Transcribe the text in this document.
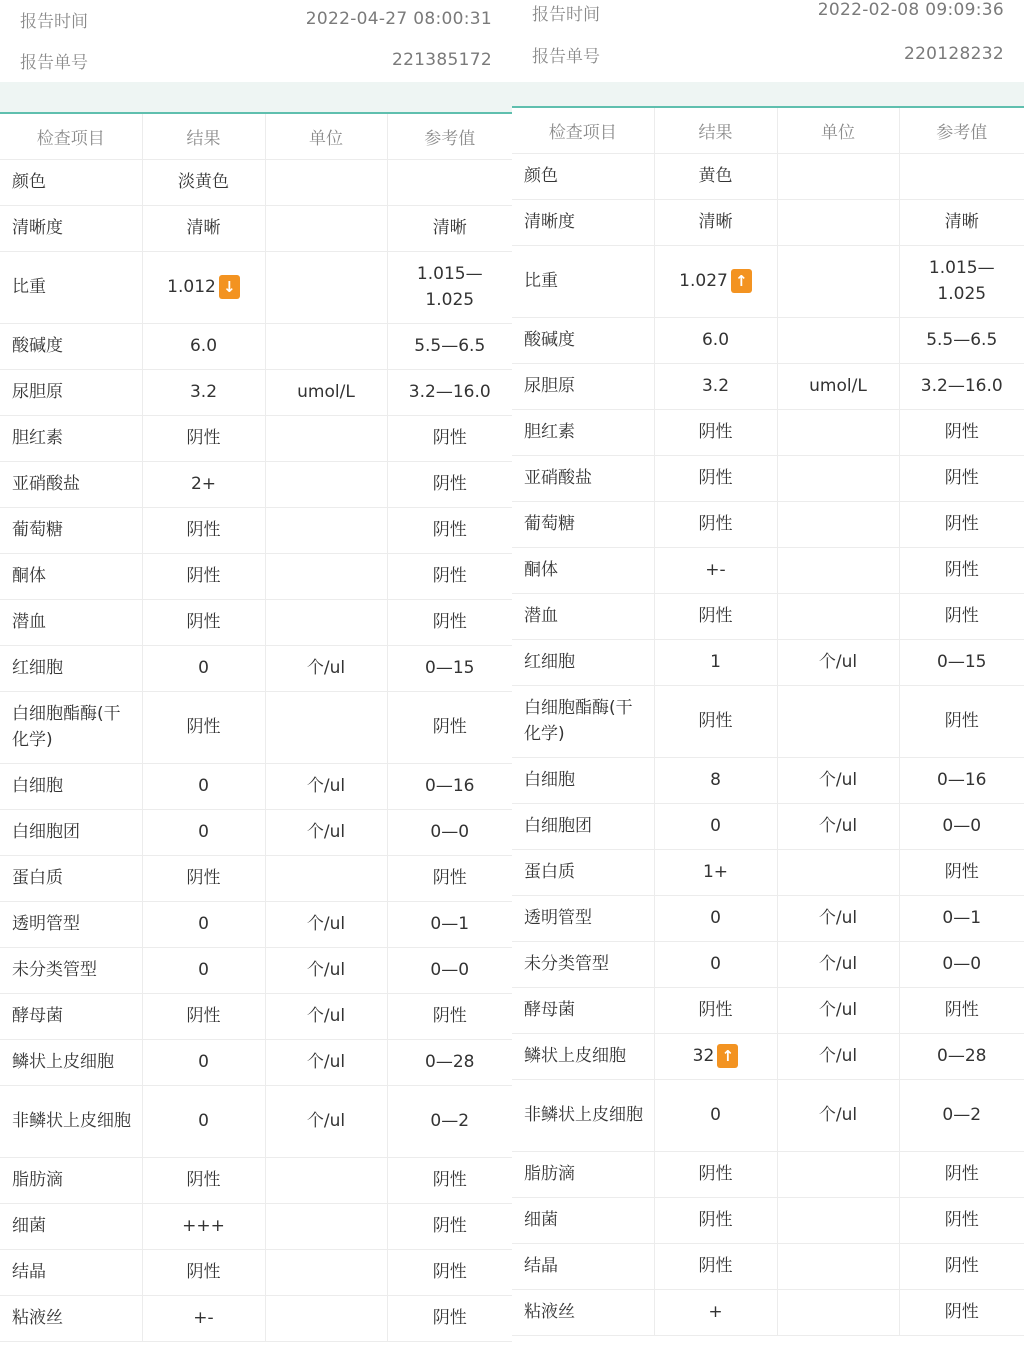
报告时间	2022-04-27 08:00:31
报告单号	221385172
检查项目	结果	单位	参考值
颜色	淡黄色		
清晰度	清晰		清晰
比重	1.012 ↓		1.015—1.025
酸碱度	6.0		5.5—6.5
尿胆原	3.2	umol/L	3.2—16.0
胆红素	阴性		阴性
亚硝酸盐	2+		阴性
葡萄糖	阴性		阴性
酮体	阴性		阴性
潜血	阴性		阴性
红细胞	0	个/ul	0—15
白细胞酯酶(干化学)	阴性		阴性
白细胞	0	个/ul	0—16
白细胞团	0	个/ul	0—0
蛋白质	阴性		阴性
透明管型	0	个/ul	0—1
未分类管型	0	个/ul	0—0
酵母菌	阴性	个/ul	阴性
鳞状上皮细胞	0	个/ul	0—28
非鳞状上皮细胞	0	个/ul	0—2
脂肪滴	阴性		阴性
细菌	+++		阴性
结晶	阴性		阴性
粘液丝	+-		阴性
报告时间	2022-02-08 09:09:36
报告单号	220128232
检查项目	结果	单位	参考值
颜色	黄色		
清晰度	清晰		清晰
比重	1.027 ↑		1.015—1.025
酸碱度	6.0		5.5—6.5
尿胆原	3.2	umol/L	3.2—16.0
胆红素	阴性		阴性
亚硝酸盐	阴性		阴性
葡萄糖	阴性		阴性
酮体	+-		阴性
潜血	阴性		阴性
红细胞	1	个/ul	0—15
白细胞酯酶(干化学)	阴性		阴性
白细胞	8	个/ul	0—16
白细胞团	0	个/ul	0—0
蛋白质	1+		阴性
透明管型	0	个/ul	0—1
未分类管型	0	个/ul	0—0
酵母菌	阴性	个/ul	阴性
鳞状上皮细胞	32 ↑	个/ul	0—28
非鳞状上皮细胞	0	个/ul	0—2
脂肪滴	阴性		阴性
细菌	阴性		阴性
结晶	阴性		阴性
粘液丝	+		阴性
